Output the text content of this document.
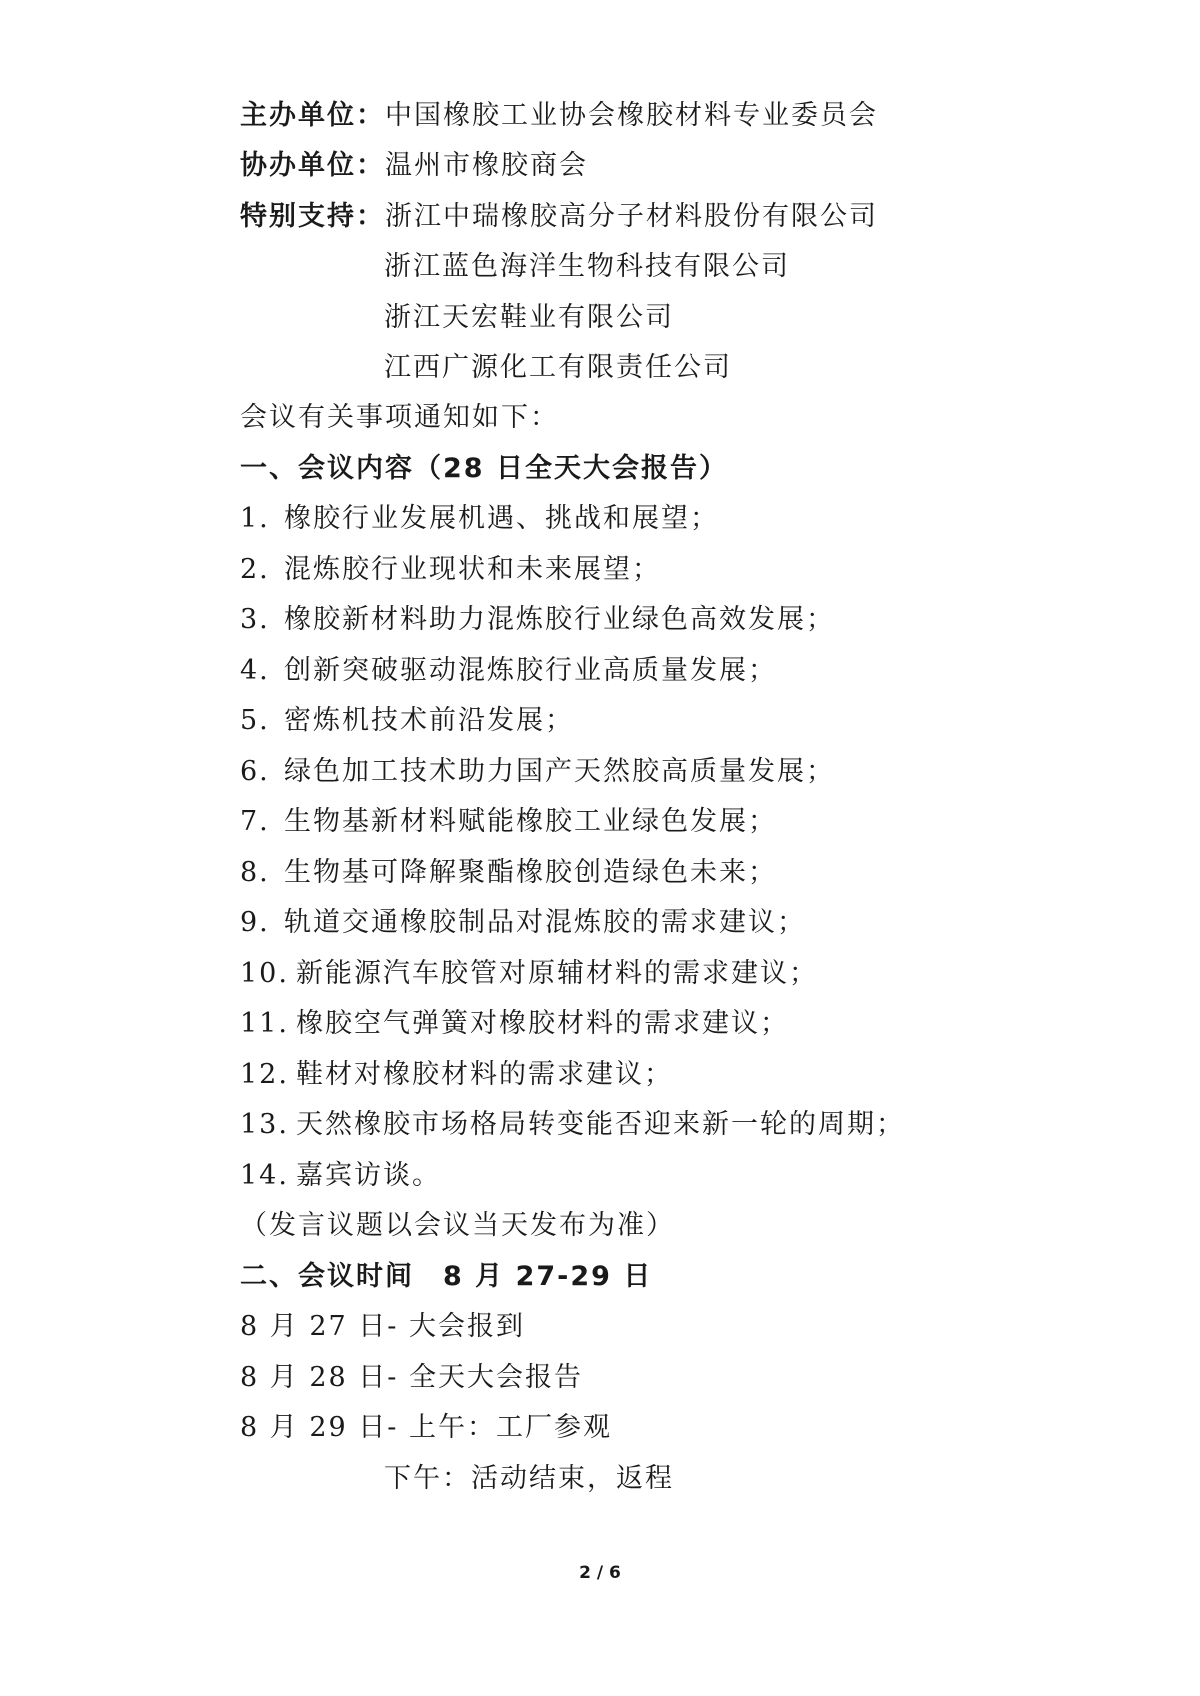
主办单位：中国橡胶工业协会橡胶材料专业委员会
协办单位：温州市橡胶商会
特别支持：浙江中瑞橡胶高分子材料股份有限公司
浙江蓝色海洋生物科技有限公司
浙江天宏鞋业有限公司
江西广源化工有限责任公司
会议有关事项通知如下：
一、会议内容（28 日全天大会报告）
1. 橡胶行业发展机遇、挑战和展望；
2. 混炼胶行业现状和未来展望；
3. 橡胶新材料助力混炼胶行业绿色高效发展；
4. 创新突破驱动混炼胶行业高质量发展；
5. 密炼机技术前沿发展；
6. 绿色加工技术助力国产天然胶高质量发展；
7. 生物基新材料赋能橡胶工业绿色发展；
8. 生物基可降解聚酯橡胶创造绿色未来；
9. 轨道交通橡胶制品对混炼胶的需求建议；
10. 新能源汽车胶管对原辅材料的需求建议；
11. 橡胶空气弹簧对橡胶材料的需求建议；
12. 鞋材对橡胶材料的需求建议；
13. 天然橡胶市场格局转变能否迎来新一轮的周期；
14. 嘉宾访谈。
（发言议题以会议当天发布为准）
二、会议时间　8 月 27-29 日
8 月 27 日- 大会报到
8 月 28 日- 全天大会报告
8 月 29 日- 上午：工厂参观
下午：活动结束，返程
2 / 6
